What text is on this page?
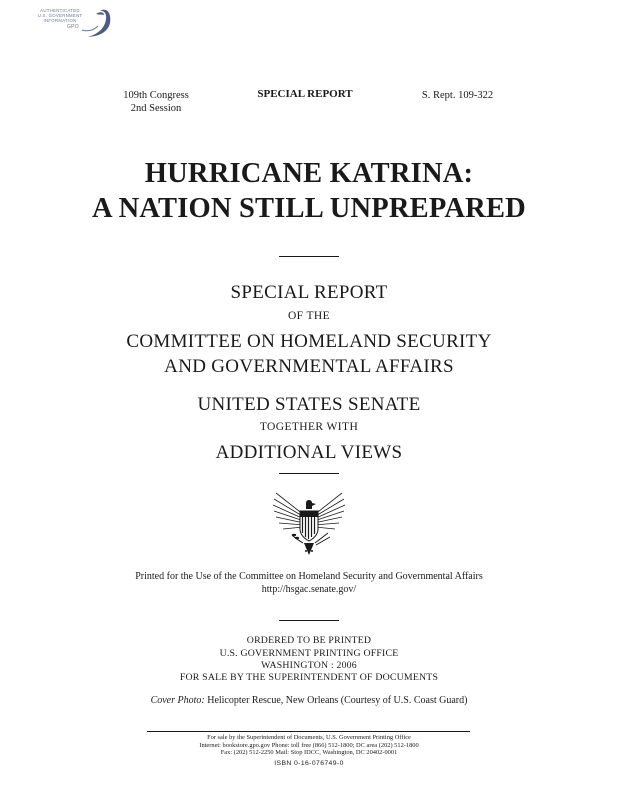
AUTHENTICATED
U.S. GOVERNMENT
INFORMATION
GPO
109th Congress
2nd Session
SPECIAL REPORT	S. Rept. 109-322
HURRICANE KATRINA:
A NATION STILL UNPREPARED
SPECIAL REPORT
OF THE
COMMITTEE ON HOMELAND SECURITY
AND GOVERNMENTAL AFFAIRS
UNITED STATES SENATE
TOGETHER WITH
ADDITIONAL VIEWS
Printed for the Use of the Committee on Homeland Security and Governmental Affairs
http://hsgac.senate.gov/
ORDERED TO BE PRINTED
U.S. GOVERNMENT PRINTING OFFICE
WASHINGTON : 2006
FOR SALE BY THE SUPERINTENDENT OF DOCUMENTS
Cover Photo: Helicopter Rescue, New Orleans (Courtesy of U.S. Coast Guard)
For sale by the Superintendent of Documents, U.S. Government Printing Office
Internet: bookstore.gpo.gov Phone: toll free (866) 512-1800; DC area (202) 512-1800
Fax: (202) 512-2250 Mail: Stop IDCC, Washington, DC 20402-0001
ISBN 0-16-076749-0
